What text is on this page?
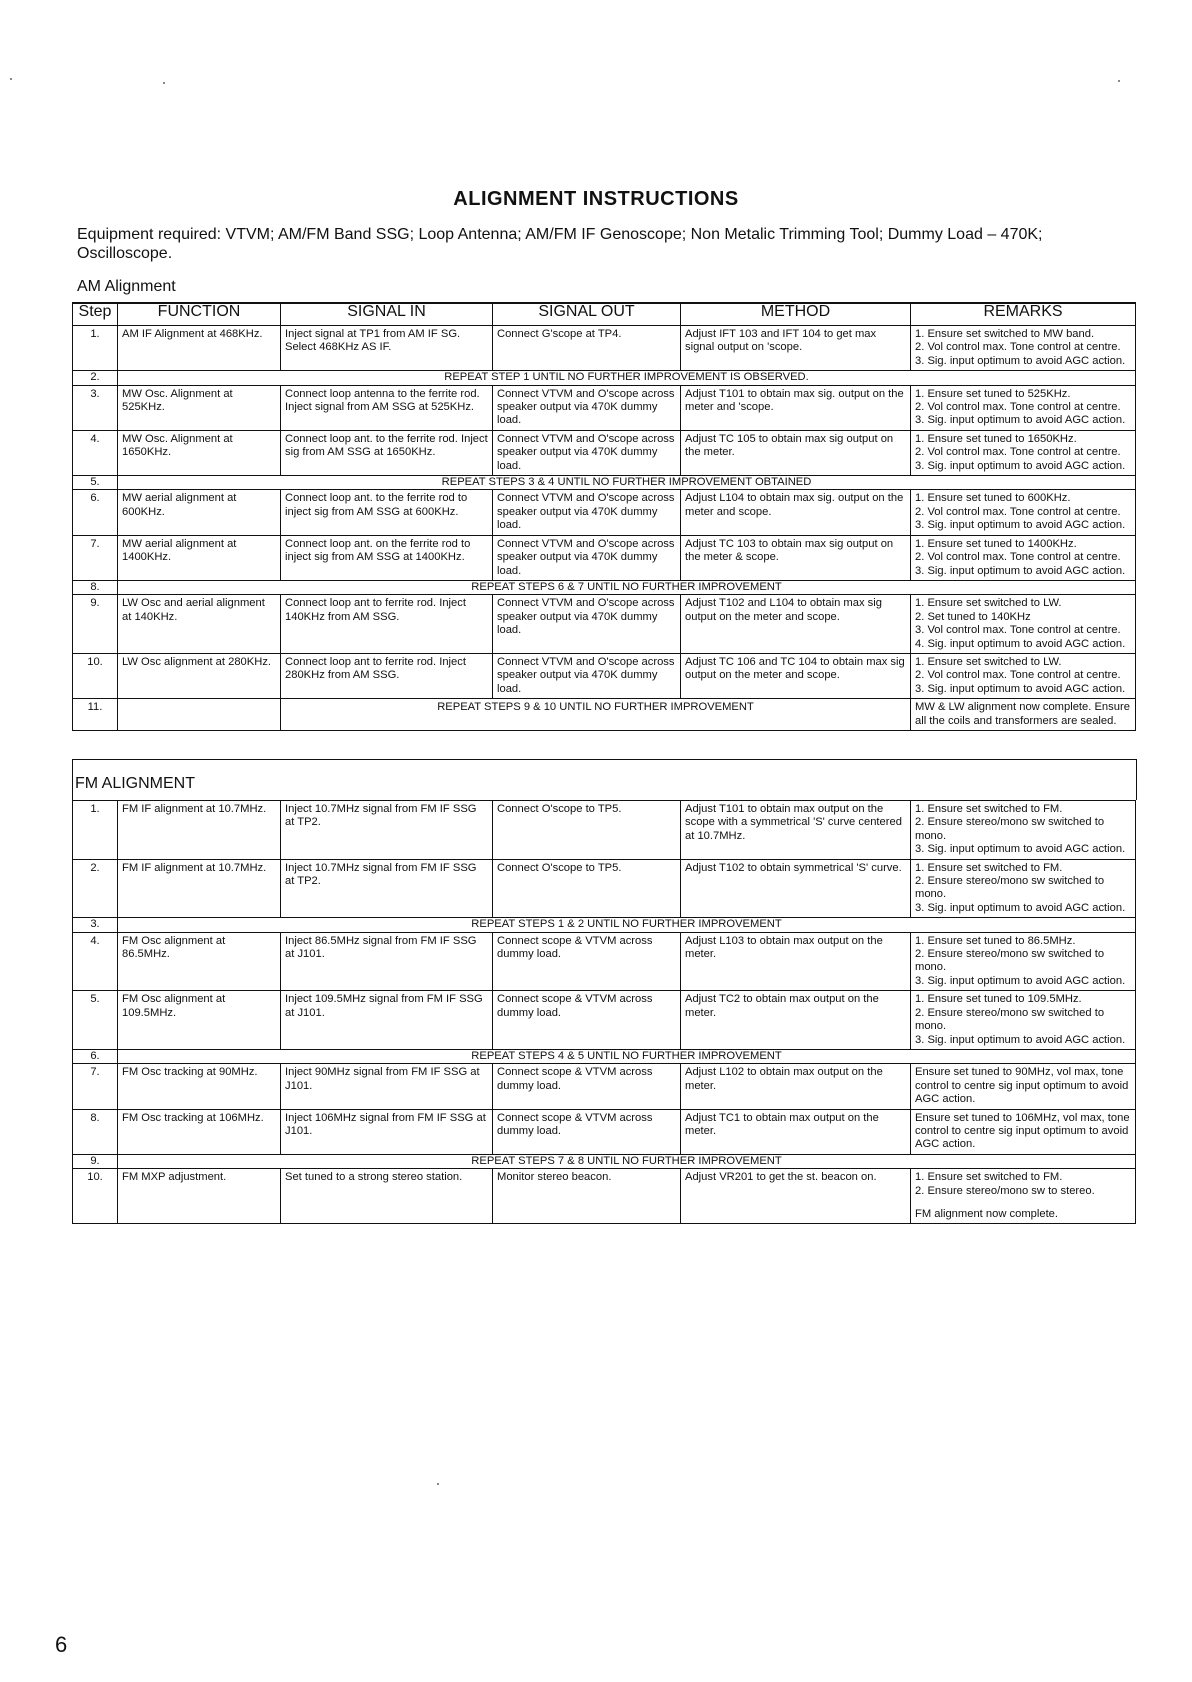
ALIGNMENT INSTRUCTIONS
Equipment required: VTVM; AM/FM Band SSG; Loop Antenna; AM/FM IF Genoscope; Non Metalic Trimming Tool; Dummy Load – 470K; Oscilloscope.
AM Alignment
Step	FUNCTION	SIGNAL IN	SIGNAL OUT	METHOD	REMARKS
1.	AM IF Alignment at 468KHz.	Inject signal at TP1 from AM IF SG. Select 468KHz AS IF.	Connect G'scope at TP4.	Adjust IFT 103 and IFT 104 to get max signal output on 'scope.	1. Ensure set switched to MW band.
2. Vol control max. Tone control at centre.
3. Sig. input optimum to avoid AGC action.

2.	REPEAT STEP 1 UNTIL NO FURTHER IMPROVEMENT IS OBSERVED.				
3.	MW Osc. Alignment at 525KHz.	Connect loop antenna to the ferrite rod. Inject signal from AM SSG at 525KHz.	Connect VTVM and O'scope across speaker output via 470K dummy load.	Adjust T101 to obtain max sig. output on the meter and 'scope.	1. Ensure set tuned to 525KHz.
2. Vol control max. Tone control at centre.
3. Sig. input optimum to avoid AGC action.

4.	MW Osc. Alignment at 1650KHz.	Connect loop ant. to the ferrite rod. Inject sig from AM SSG at 1650KHz.	Connect VTVM and O'scope across speaker output via 470K dummy load.	Adjust TC 105 to obtain max sig output on the meter.	1. Ensure set tuned to 1650KHz.
2. Vol control max. Tone control at centre.
3. Sig. input optimum to avoid AGC action.

5.	REPEAT STEPS 3 & 4 UNTIL NO FURTHER IMPROVEMENT OBTAINED				
6.	MW aerial alignment at 600KHz.	Connect loop ant. to the ferrite rod to inject sig from AM SSG at 600KHz.	Connect VTVM and O'scope across speaker output via 470K dummy load.	Adjust L104 to obtain max sig. output on the meter and scope.	1. Ensure set tuned to 600KHz.
2. Vol control max. Tone control at centre.
3. Sig. input optimum to avoid AGC action.

7.	MW aerial alignment at 1400KHz.	Connect loop ant. on the ferrite rod to inject sig from AM SSG at 1400KHz.	Connect VTVM and O'scope across speaker output via 470K dummy load.	Adjust TC 103 to obtain max sig output on the meter & scope.	1. Ensure set tuned to 1400KHz.
2. Vol control max. Tone control at centre.
3. Sig. input optimum to avoid AGC action.

8.	REPEAT STEPS 6 & 7 UNTIL NO FURTHER IMPROVEMENT				
9.	LW Osc and aerial alignment at 140KHz.	Connect loop ant to ferrite rod. Inject 140KHz from AM SSG.	Connect VTVM and O'scope across speaker output via 470K dummy load.	Adjust T102 and L104 to obtain max sig output on the meter and scope.	1. Ensure set switched to LW.
2. Set tuned to 140KHz
3. Vol control max. Tone control at centre.
4. Sig. input optimum to avoid AGC action.

10.	LW Osc alignment at 280KHz.	Connect loop ant to ferrite rod. Inject 280KHz from AM SSG.	Connect VTVM and O'scope across speaker output via 470K dummy load.	Adjust TC 106 and TC 104 to obtain max sig output on the meter and scope.	1. Ensure set switched to LW.
2. Vol control max. Tone control at centre.
3. Sig. input optimum to avoid AGC action.

11.		REPEAT STEPS 9 & 10 UNTIL NO FURTHER IMPROVEMENT			MW & LW alignment now complete. Ensure all the coils and transformers are sealed.
FM ALIGNMENT
1.	FM IF alignment at 10.7MHz.	Inject 10.7MHz signal from FM IF SSG at TP2.	Connect O'scope to TP5.	Adjust T101 to obtain max output on the scope with a symmetrical 'S' curve centered at 10.7MHz.	1. Ensure set switched to FM.
2. Ensure stereo/mono sw switched to mono.
3. Sig. input optimum to avoid AGC action.

2.	FM IF alignment at 10.7MHz.	Inject 10.7MHz signal from FM IF SSG at TP2.	Connect O'scope to TP5.	Adjust T102 to obtain symmetrical 'S' curve.	1. Ensure set switched to FM.
2. Ensure stereo/mono sw switched to mono.
3. Sig. input optimum to avoid AGC action.

3.	REPEAT STEPS 1 & 2 UNTIL NO FURTHER IMPROVEMENT				
4.	FM Osc alignment at 86.5MHz.	Inject 86.5MHz signal from FM IF SSG at J101.	Connect scope & VTVM across dummy load.	Adjust L103 to obtain max output on the meter.	1. Ensure set tuned to 86.5MHz.
2. Ensure stereo/mono sw switched to mono.
3. Sig. input optimum to avoid AGC action.

5.	FM Osc alignment at 109.5MHz.	Inject 109.5MHz signal from FM IF SSG at J101.	Connect scope & VTVM across dummy load.	Adjust TC2 to obtain max output on the meter.	1. Ensure set tuned to 109.5MHz.
2. Ensure stereo/mono sw switched to mono.
3. Sig. input optimum to avoid AGC action.

6.	REPEAT STEPS 4 & 5 UNTIL NO FURTHER IMPROVEMENT				
7.	FM Osc tracking at 90MHz.	Inject 90MHz signal from FM IF SSG at J101.	Connect scope & VTVM across dummy load.	Adjust L102 to obtain max output on the meter.	Ensure set tuned to 90MHz, vol max, tone control to centre sig input optimum to avoid AGC action.

8.	FM Osc tracking at 106MHz.	Inject 106MHz signal from FM IF SSG at J101.	Connect scope & VTVM across dummy load.	Adjust TC1 to obtain max output on the meter.	Ensure set tuned to 106MHz, vol max, tone control to centre sig input optimum to avoid AGC action.

9.	REPEAT STEPS 7 & 8 UNTIL NO FURTHER IMPROVEMENT				
10.	FM MXP adjustment.	Set tuned to a strong stereo station.	Monitor stereo beacon.	Adjust VR201 to get the st. beacon on.	1. Ensure set switched to FM.
2. Ensure stereo/mono sw to stereo.
FM alignment now complete.
6
